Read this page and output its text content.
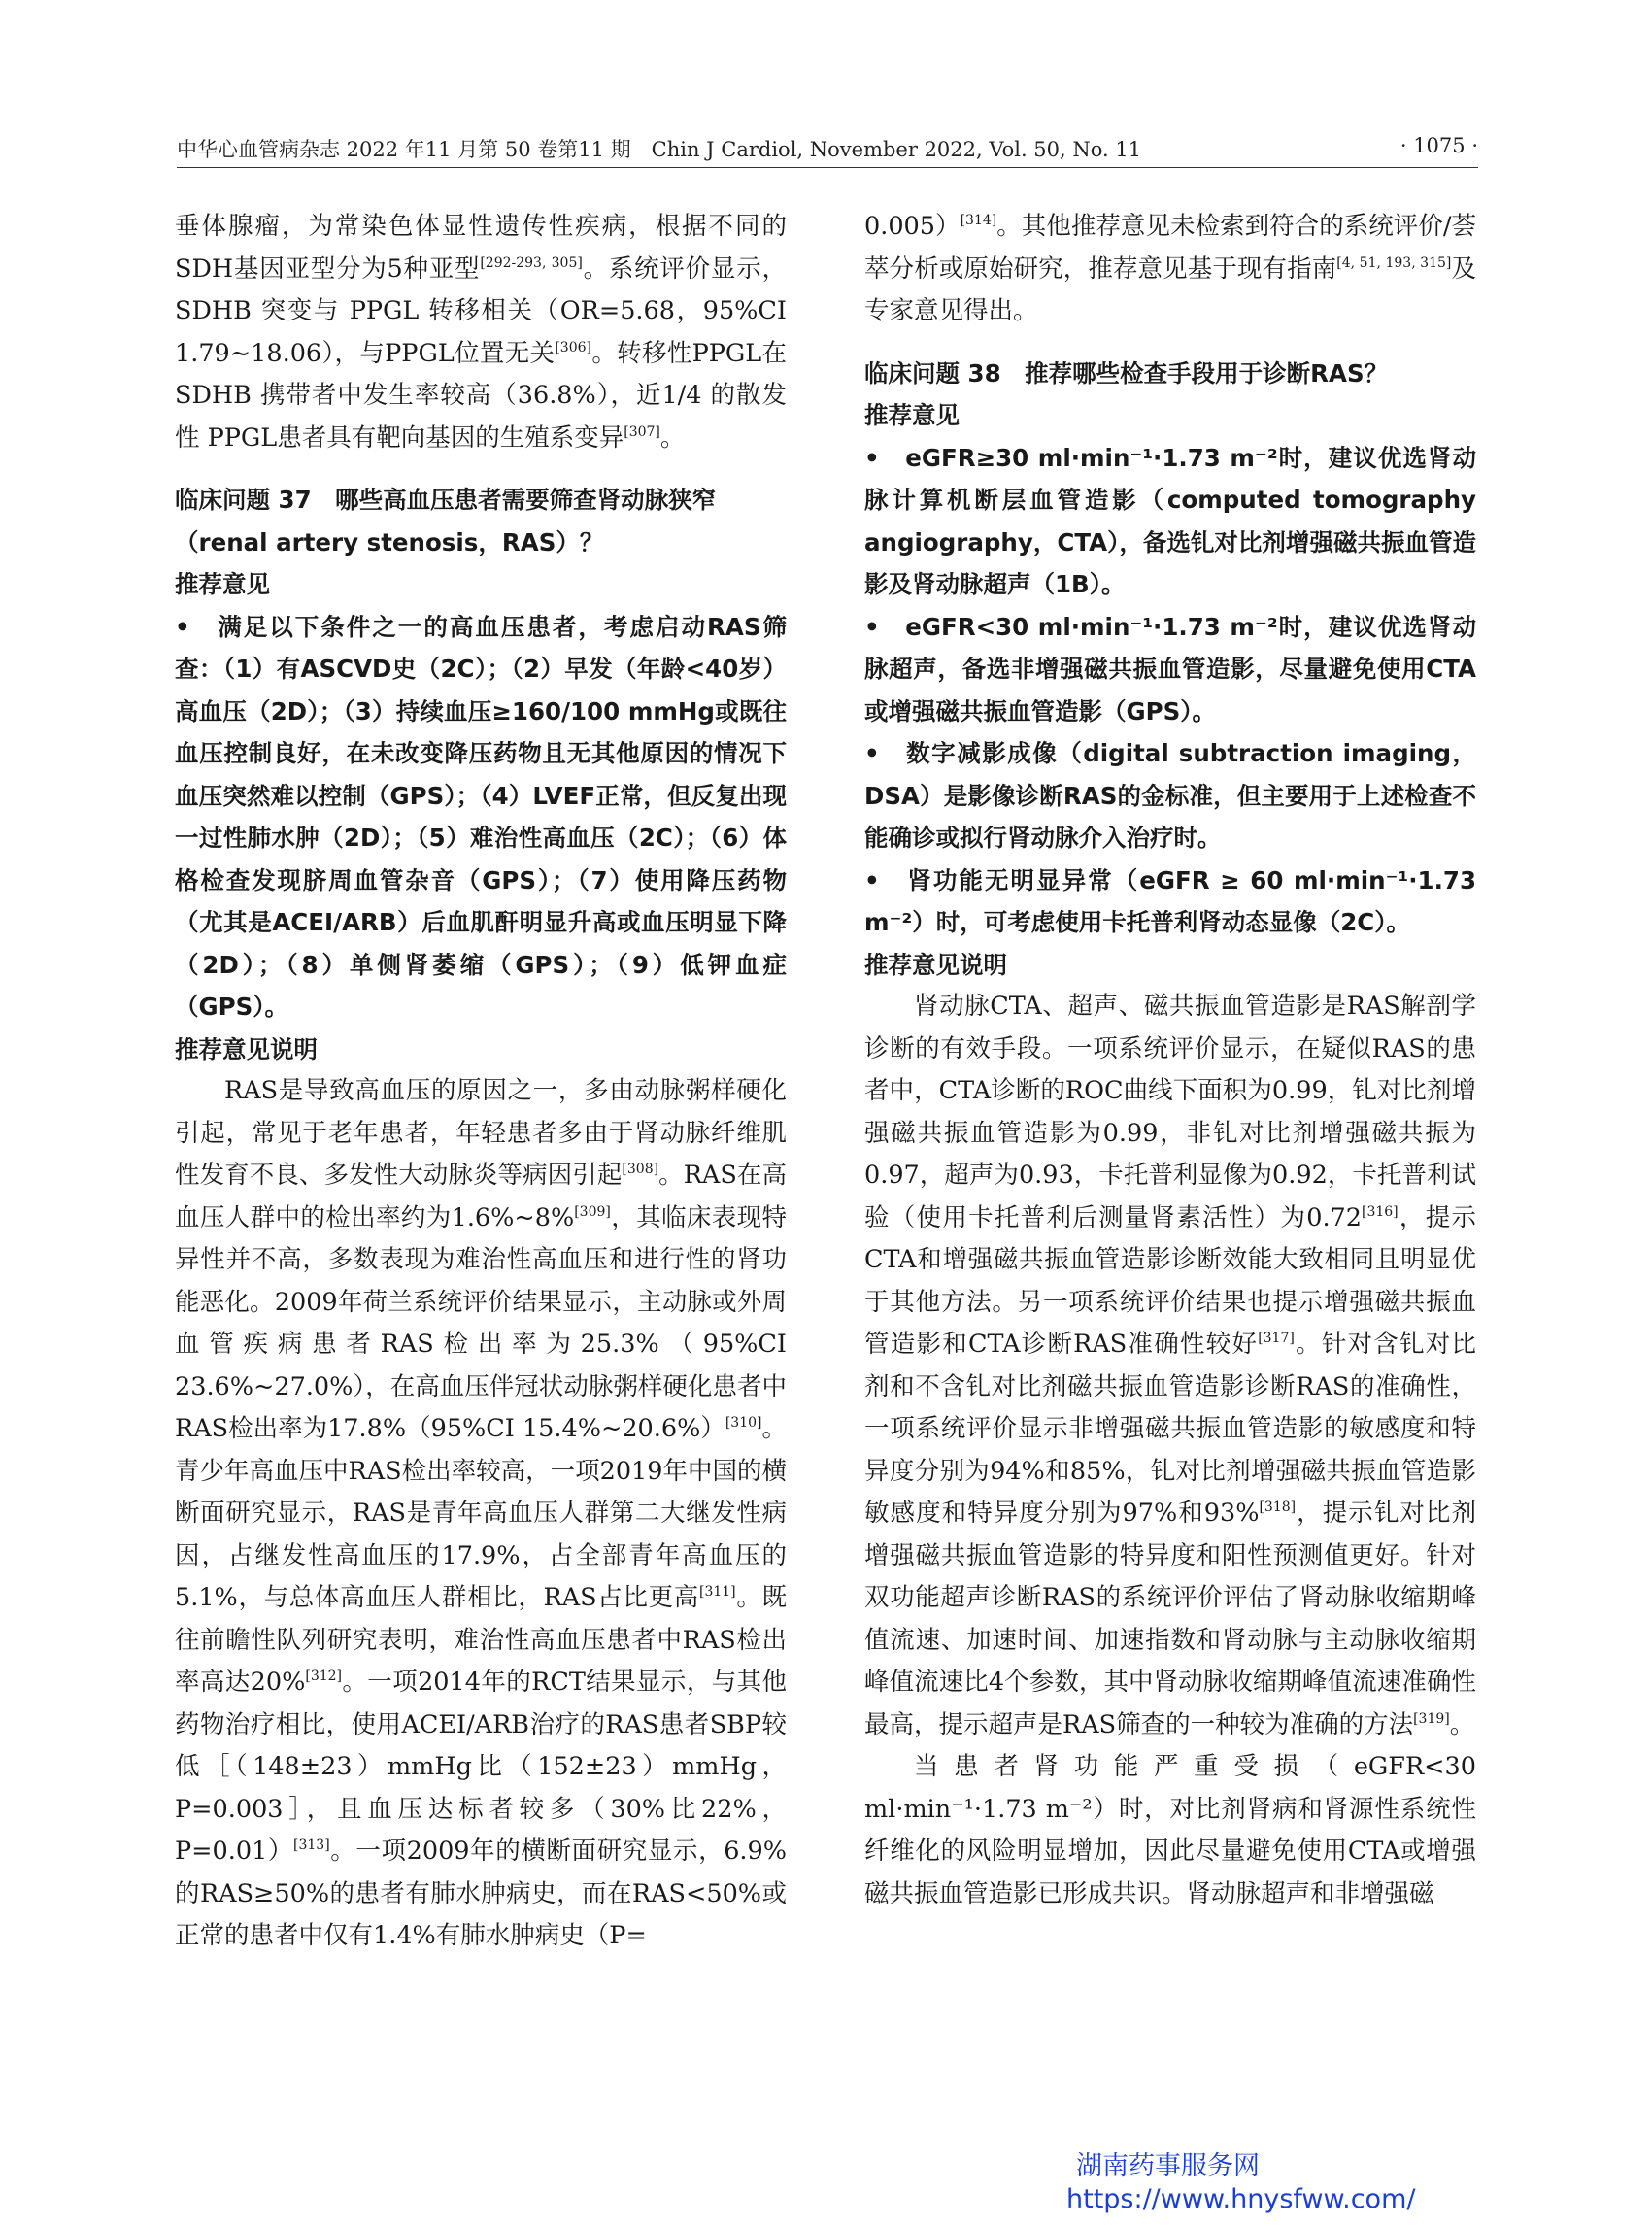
中华心血管病杂志 2022 年11 月第 50 卷第11 期　Chin J Cardiol, November 2022, Vol. 50, No. 11	· 1075 ·

垂体腺瘤，为常染色体显性遗传性疾病，根据不同的SDH基因亚型分为5种亚型[292-293, 305]。系统评价显示，SDHB 突变与 PPGL 转移相关（OR=5.68，95%CI 1.79~18.06），与PPGL位置无关[306]。转移性PPGL在 SDHB 携带者中发生率较高（36.8%），近1/4 的散发性 PPGL患者具有靶向基因的生殖系变异[307]。

临床问题 37　哪些高血压患者需要筛查肾动脉狭窄（renal artery stenosis，RAS）？

推荐意见

•　满足以下条件之一的高血压患者，考虑启动RAS筛查：（1）有ASCVD史（2C）；（2）早发（年龄<40岁）高血压（2D）；（3）持续血压≥160/100 mmHg或既往血压控制良好，在未改变降压药物且无其他原因的情况下血压突然难以控制（GPS）；（4）LVEF正常，但反复出现一过性肺水肿（2D）；（5）难治性高血压（2C）；（6）体格检查发现脐周血管杂音（GPS）；（7）使用降压药物（尤其是ACEI/ARB）后血肌酐明显升高或血压明显下降（2D）；（8）单侧肾萎缩（GPS）；（9）低钾血症（GPS）。

推荐意见说明

RAS是导致高血压的原因之一，多由动脉粥样硬化引起，常见于老年患者，年轻患者多由于肾动脉纤维肌性发育不良、多发性大动脉炎等病因引起[308]。RAS在高血压人群中的检出率约为1.6%~8%[309]，其临床表现特异性并不高，多数表现为难治性高血压和进行性的肾功能恶化。2009年荷兰系统评价结果显示，主动脉或外周血管疾病患者RAS检出率为25.3%（95%CI 23.6%~27.0%），在高血压伴冠状动脉粥样硬化患者中RAS检出率为17.8%（95%CI 15.4%~20.6%）[310]。青少年高血压中RAS检出率较高，一项2019年中国的横断面研究显示，RAS是青年高血压人群第二大继发性病因，占继发性高血压的17.9%，占全部青年高血压的5.1%，与总体高血压人群相比，RAS占比更高[311]。既往前瞻性队列研究表明，难治性高血压患者中RAS检出率高达20%[312]。一项2014年的RCT结果显示，与其他药物治疗相比，使用ACEI/ARB治疗的RAS患者SBP较低［（148±23）mmHg比（152±23）mmHg，P=0.003］，且血压达标者较多（30%比22%，P=0.01）[313]。一项2009年的横断面研究显示，6.9%的RAS≥50%的患者有肺水肿病史，而在RAS<50%或正常的患者中仅有1.4%有肺水肿病史（P=

0.005）[314]。其他推荐意见未检索到符合的系统评价/荟萃分析或原始研究，推荐意见基于现有指南[4, 51, 193, 315]及专家意见得出。

临床问题 38　推荐哪些检查手段用于诊断RAS？

推荐意见

•　eGFR≥30 ml·min⁻¹·1.73 m⁻²时，建议优选肾动脉计算机断层血管造影（computed tomography angiography，CTA），备选钆对比剂增强磁共振血管造影及肾动脉超声（1B）。

•　eGFR<30 ml·min⁻¹·1.73 m⁻²时，建议优选肾动脉超声，备选非增强磁共振血管造影，尽量避免使用CTA或增强磁共振血管造影（GPS）。

•　数字减影成像（digital subtraction imaging，DSA）是影像诊断RAS的金标准，但主要用于上述检查不能确诊或拟行肾动脉介入治疗时。

•　肾功能无明显异常（eGFR ≥ 60 ml·min⁻¹·1.73 m⁻²）时，可考虑使用卡托普利肾动态显像（2C）。

推荐意见说明

肾动脉CTA、超声、磁共振血管造影是RAS解剖学诊断的有效手段。一项系统评价显示，在疑似RAS的患者中，CTA诊断的ROC曲线下面积为0.99，钆对比剂增强磁共振血管造影为0.99，非钆对比剂增强磁共振为0.97，超声为0.93，卡托普利显像为0.92，卡托普利试验（使用卡托普利后测量肾素活性）为0.72[316]，提示CTA和增强磁共振血管造影诊断效能大致相同且明显优于其他方法。另一项系统评价结果也提示增强磁共振血管造影和CTA诊断RAS准确性较好[317]。针对含钆对比剂和不含钆对比剂磁共振血管造影诊断RAS的准确性，一项系统评价显示非增强磁共振血管造影的敏感度和特异度分别为94%和85%，钆对比剂增强磁共振血管造影敏感度和特异度分别为97%和93%[318]，提示钆对比剂增强磁共振血管造影的特异度和阳性预测值更好。针对双功能超声诊断RAS的系统评价评估了肾动脉收缩期峰值流速、加速时间、加速指数和肾动脉与主动脉收缩期峰值流速比4个参数，其中肾动脉收缩期峰值流速准确性最高，提示超声是RAS筛查的一种较为准确的方法[319]。

当患者肾功能严重受损（eGFR<30 ml·min⁻¹·1.73 m⁻²）时，对比剂肾病和肾源性系统性纤维化的风险明显增加，因此尽量避免使用CTA或增强磁共振血管造影已形成共识。肾动脉超声和非增强磁

湖南药事服务网
https://www.hnysfww.com/
